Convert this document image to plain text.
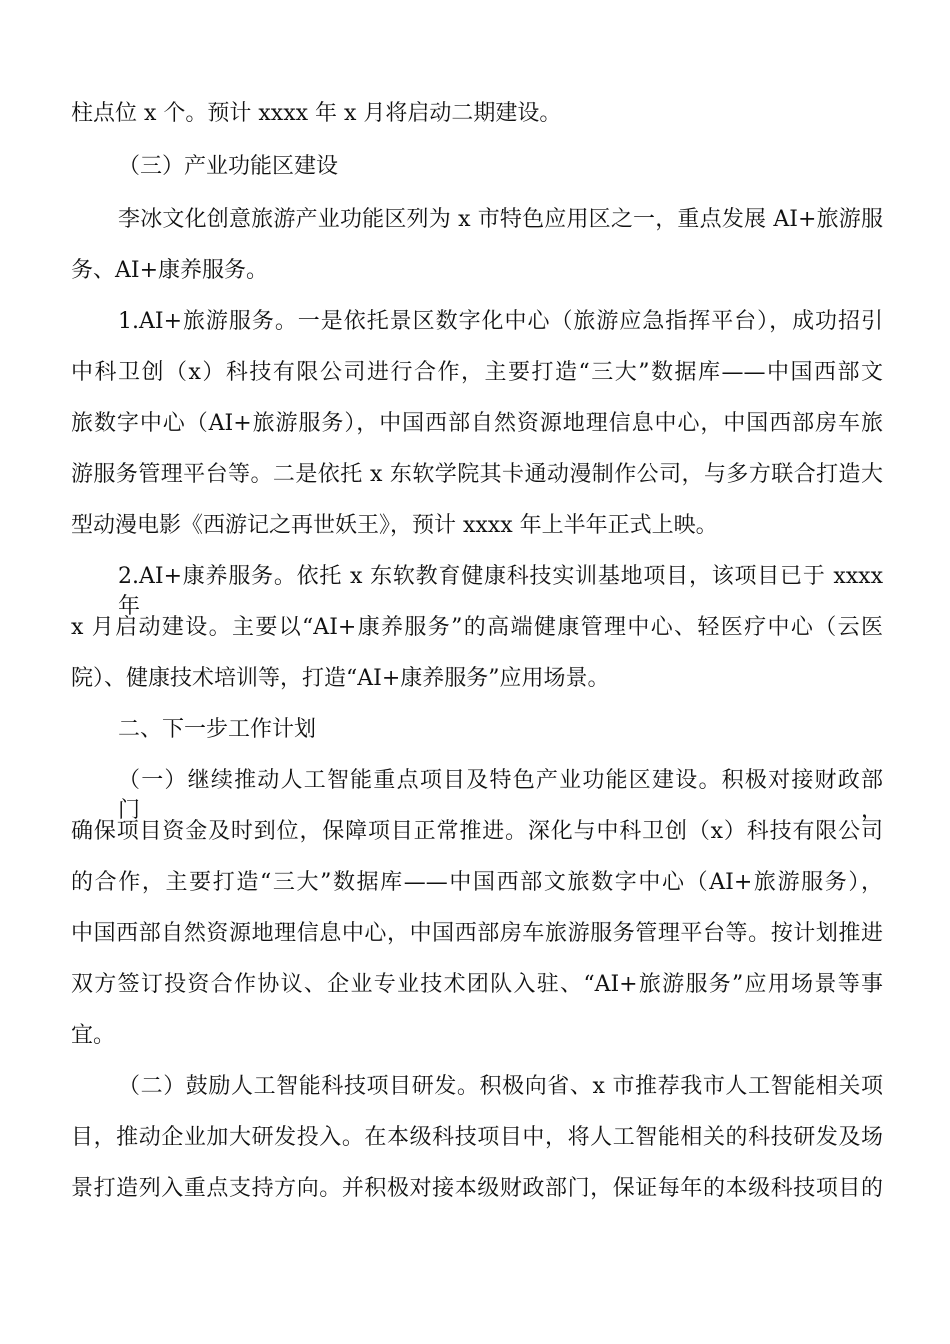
柱点位 x 个。预计 xxxx 年 x 月将启动二期建设。
（三）产业功能区建设
李冰文化创意旅游产业功能区列为 x 市特色应用区之一，重点发展 AI+旅游服
务、AI+康养服务。
1.AI+旅游服务。一是依托景区数字化中心（旅游应急指挥平台），成功招引
中科卫创（x）科技有限公司进行合作，主要打造“三大”数据库——中国西部文
旅数字中心（AI+旅游服务），中国西部自然资源地理信息中心，中国西部房车旅
游服务管理平台等。二是依托 x 东软学院其卡通动漫制作公司，与多方联合打造大
型动漫电影《西游记之再世妖王》，预计 xxxx 年上半年正式上映。
2.AI+康养服务。依托 x 东软教育健康科技实训基地项目，该项目已于 xxxx 年
x 月启动建设。主要以“AI+康养服务”的高端健康管理中心、轻医疗中心（云医
院）、健康技术培训等，打造“AI+康养服务”应用场景。
二、下一步工作计划
（一）继续推动人工智能重点项目及特色产业功能区建设。积极对接财政部门，
确保项目资金及时到位，保障项目正常推进。深化与中科卫创（x）科技有限公司
的合作，主要打造“三大”数据库——中国西部文旅数字中心（AI+旅游服务），
中国西部自然资源地理信息中心，中国西部房车旅游服务管理平台等。按计划推进
双方签订投资合作协议、企业专业技术团队入驻、“AI+旅游服务”应用场景等事
宜。
（二）鼓励人工智能科技项目研发。积极向省、x 市推荐我市人工智能相关项
目，推动企业加大研发投入。在本级科技项目中，将人工智能相关的科技研发及场
景打造列入重点支持方向。并积极对接本级财政部门，保证每年的本级科技项目的
